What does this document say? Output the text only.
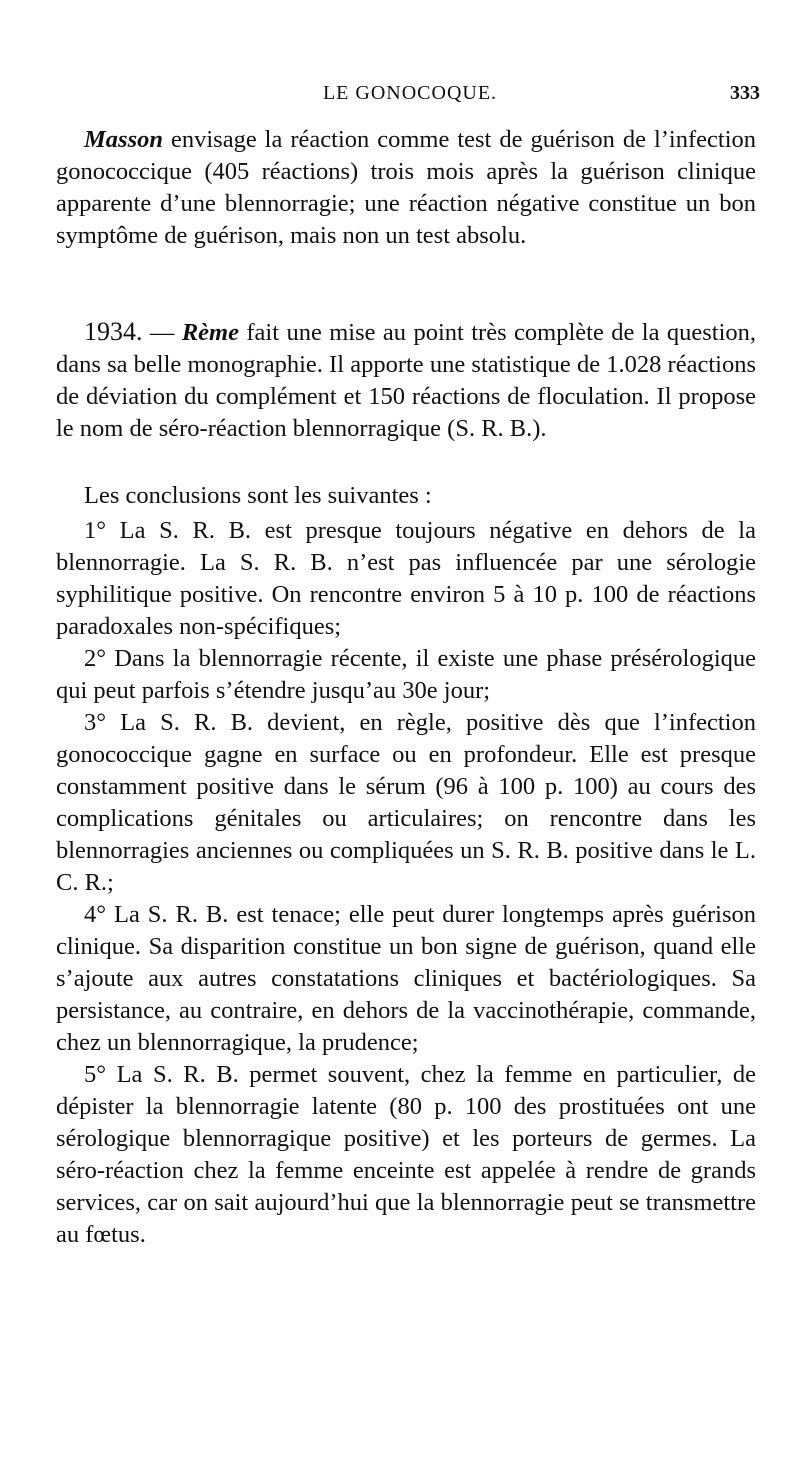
LE GONOCOQUE.	333

Masson envisage la réaction comme test de guérison de l’infection gonococcique (405 réactions) trois mois après la guérison clinique apparente d’une blennorragie; une réaction négative constitue un bon symptôme de guérison, mais non un test absolu.

1934. — Rème fait une mise au point très complète de la question, dans sa belle monographie. Il apporte une statistique de 1.028 réactions de déviation du complément et 150 réactions de floculation. Il propose le nom de séro-réaction blennorragique (S. R. B.).

Les conclusions sont les suivantes :

1° La S. R. B. est presque toujours négative en dehors de la blennorragie. La S. R. B. n’est pas influencée par une sérologie syphilitique positive. On rencontre environ 5 à 10 p. 100 de réactions paradoxales non-spécifiques;

2° Dans la blennorragie récente, il existe une phase présérologique qui peut parfois s’étendre jusqu’au 30e jour;

3° La S. R. B. devient, en règle, positive dès que l’infection gonococcique gagne en surface ou en profondeur. Elle est presque constamment positive dans le sérum (96 à 100 p. 100) au cours des complications génitales ou articulaires; on rencontre dans les blennorragies anciennes ou compliquées un S. R. B. positive dans le L. C. R.;

4° La S. R. B. est tenace; elle peut durer longtemps après guérison clinique. Sa disparition constitue un bon signe de guérison, quand elle s’ajoute aux autres constatations cliniques et bactériologiques. Sa persistance, au contraire, en dehors de la vaccinothérapie, commande, chez un blennorragique, la prudence;

5° La S. R. B. permet souvent, chez la femme en particulier, de dépister la blennorragie latente (80 p. 100 des prostituées ont une sérologique blennorragique positive) et les porteurs de germes. La séro-réaction chez la femme enceinte est appelée à rendre de grands services, car on sait aujourd’hui que la blennorragie peut se transmettre au fœtus.
